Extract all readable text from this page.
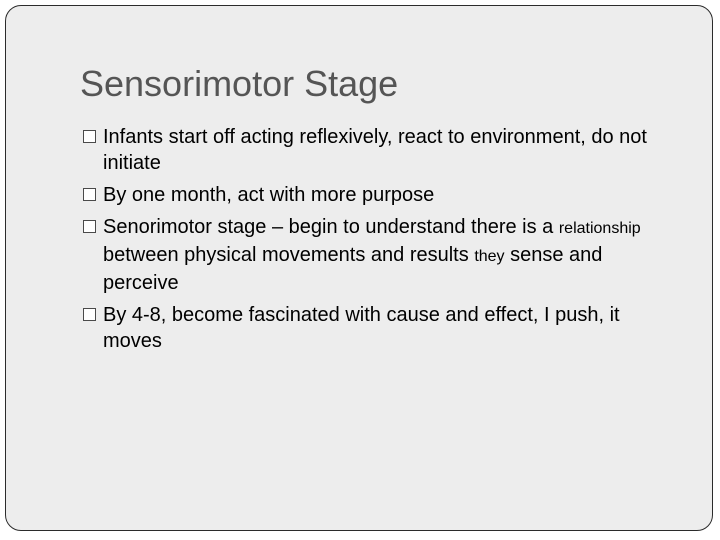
Sensorimotor Stage
Infants start off acting reflexively, react to environment, do not initiate
By one month, act with more purpose
Senorimotor stage – begin to understand there is a relationship between physical movements and results they sense and perceive
By 4-8, become fascinated with cause and effect, I push, it moves
